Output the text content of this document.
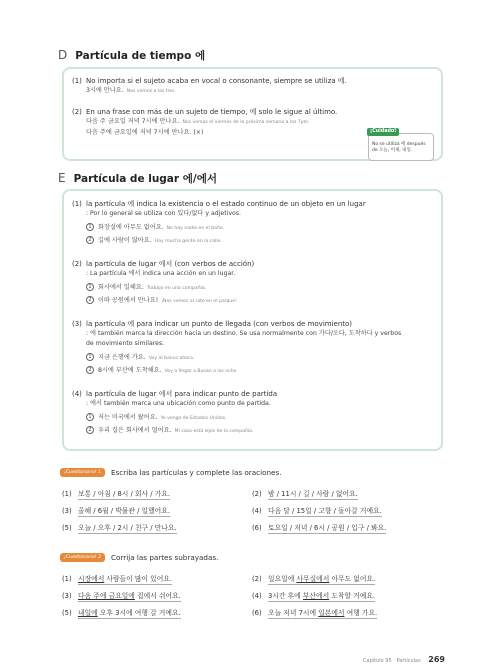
D Partícula de tiempo 에
(1) No importa si el sujeto acaba en vocal o consonante, siempre se utiliza 에.
3시에 만나요. Nos vemos a las tres.
(2) En una frase con más de un sujeto de tiempo, 에 solo le sigue al último.
다음 주 금요일 저녁 7시에 만나요. Nos vemos el viernes de la próxima semana a las 7pm.
다음 주에 금요일에 저녁 7시에 만나요. (×)	¡Cuidado!
No se utiliza 에 después de 오늘, 어제, 내일.
E Partícula de lugar 에/에서
(1) la partícula 에 indica la existencia o el estado continuo de un objeto en un lugar
: Por lo general se utiliza con 있다/없다 y adjetivos.
1 화장실에 아무도 없어요. No hay nadie en el baño.
2 길에 사람이 많아요. Hay mucha gente en la calle.
(2) la partícula de lugar 에서 (con verbos de acción)
: La partícula 에서 indica una acción en un lugar.
1 회사에서 일해요. Trabajo en una compañía.
2 이따 공원에서 만나요! ¡Nos vemos al rato en el parque!
(3) la partícula 에 para indicar un punto de llegada (con verbos de movimiento)
: 에 también marca la dirección hacia un destino. Se usa normalmente con 가다/오다, 도착하다 y verbos
de movimiento similares.
1 지금 은행에 가요. Voy al banco ahora.
2 8시에 부산에 도착해요. Voy a llegar a Busan a las ocho.
(4) la partícula de lugar 에서 para indicar punto de partida
: 에서 también marca una ubicación como punto de partida.
1 저는 미국에서 왔어요. Yo vengo de Estados Unidos.
2 우리 집은 회사에서 멀어요. Mi casa está lejos de la compañía.
¡Cuestionario! 1	Escriba las partículas y complete las oraciones.
(1) 보통 / 아침 / 8시 / 회사 / 가요.	(2) 밤 / 11시 / 길 / 사람 / 없어요.
(3) 올해 / 6월 / 박물관 / 일했어요.	(4) 다음 달 / 15일 / 고향 / 돌아갈 거예요.
(5) 오늘 / 오후 / 2시 / 친구 / 만나요.	(6) 토요일 / 저녁 / 6시 / 공원 / 입구 / 봐요.
¡Cuestionario! 2	Corrija las partes subrayadas.
(1) 시장에서 사람들이 많이 있어요.	(2) 일요일에 사무실에서 아무도 없어요.
(3) 다음 주에 금요일에 집에서 쉬어요.	(4) 3시간 후에 부산에서 도착할 거예요.
(5) 내일에 오후 3시에 여행 갈 거예요.	(6) 오늘 저녁 7시에 일본에서 여행 가요.
Capítulo 95 · Partículas 269
